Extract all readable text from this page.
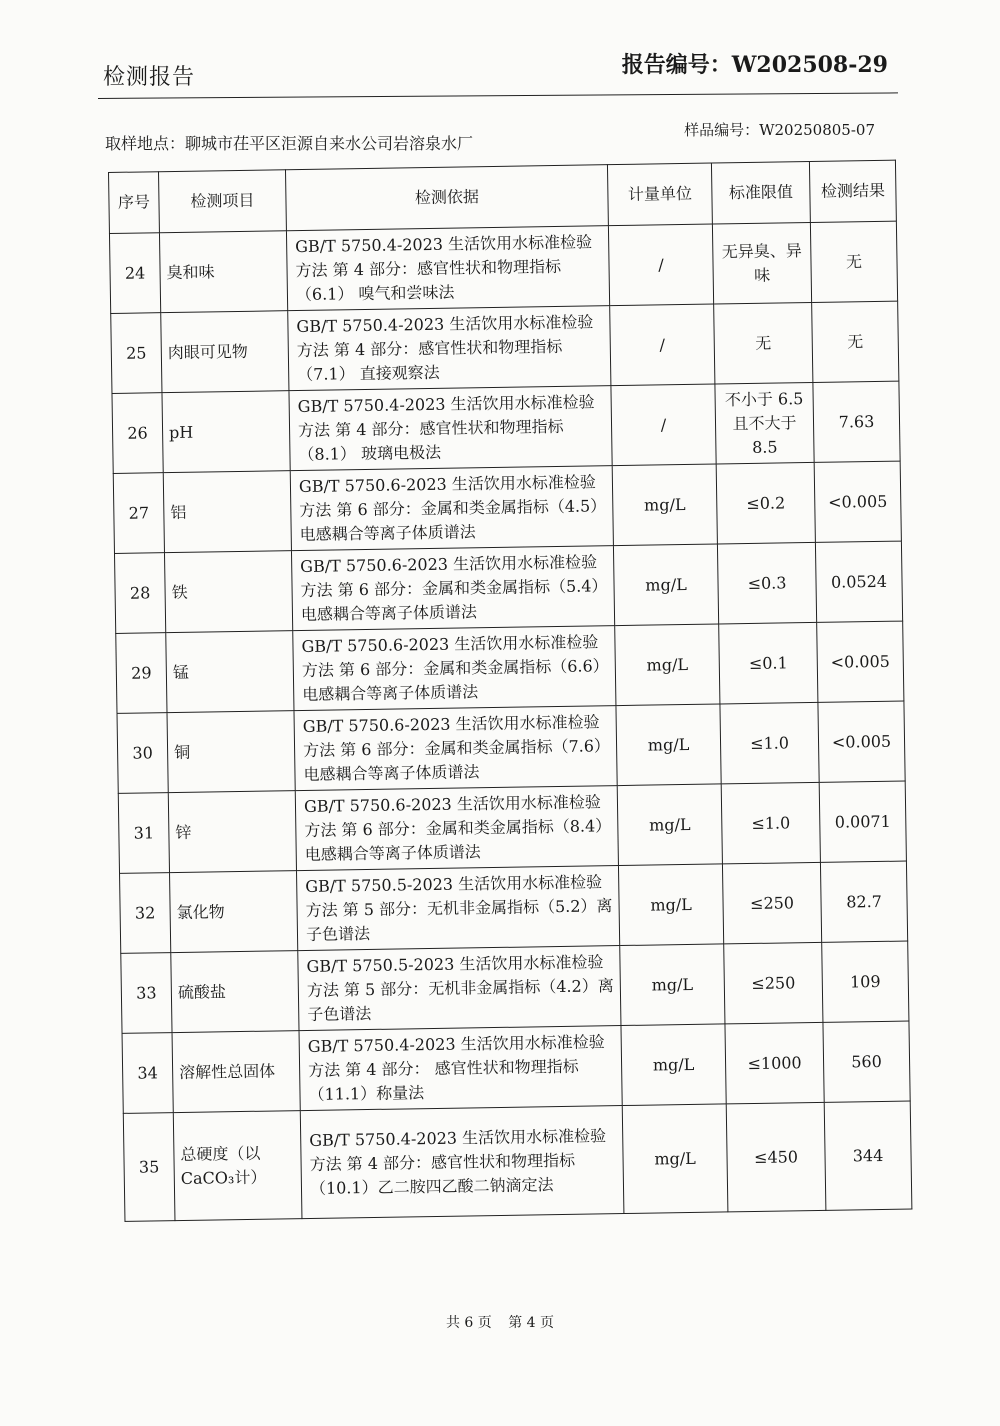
检测报告	报告编号：W202508-29
取样地点：聊城市茌平区洰源自来水公司岩溶泉水厂
样品编号：W20250805-07
序号	检测项目	检测依据	计量单位	标准限值	检测结果
24	臭和味	GB/T 5750.4-2023 生活饮用水标准检验方法 第 4 部分：感官性状和物理指标（6.1） 嗅气和尝味法	/	无异臭、异味	无
25	肉眼可见物	GB/T 5750.4-2023 生活饮用水标准检验方法 第 4 部分：感官性状和物理指标（7.1） 直接观察法	/	无	无
26	pH	GB/T 5750.4-2023 生活饮用水标准检验方法 第 4 部分：感官性状和物理指标（8.1） 玻璃电极法	/	不小于 6.5 且不大于 8.5	7.63
27	铝	GB/T 5750.6-2023 生活饮用水标准检验方法 第 6 部分：金属和类金属指标（4.5）电感耦合等离子体质谱法	mg/L	≤0.2	<0.005
28	铁	GB/T 5750.6-2023 生活饮用水标准检验方法 第 6 部分：金属和类金属指标（5.4）电感耦合等离子体质谱法	mg/L	≤0.3	0.0524
29	锰	GB/T 5750.6-2023 生活饮用水标准检验方法 第 6 部分：金属和类金属指标（6.6）电感耦合等离子体质谱法	mg/L	≤0.1	<0.005
30	铜	GB/T 5750.6-2023 生活饮用水标准检验方法 第 6 部分：金属和类金属指标（7.6）电感耦合等离子体质谱法	mg/L	≤1.0	<0.005
31	锌	GB/T 5750.6-2023 生活饮用水标准检验方法 第 6 部分：金属和类金属指标（8.4）电感耦合等离子体质谱法	mg/L	≤1.0	0.0071
32	氯化物	GB/T 5750.5-2023 生活饮用水标准检验方法 第 5 部分：无机非金属指标（5.2）离子色谱法	mg/L	≤250	82.7
33	硫酸盐	GB/T 5750.5-2023 生活饮用水标准检验方法 第 5 部分：无机非金属指标（4.2）离子色谱法	mg/L	≤250	109
34	溶解性总固体	GB/T 5750.4-2023 生活饮用水标准检验方法 第 4 部分： 感官性状和物理指标（11.1）称量法	mg/L	≤1000	560
35	总硬度（以CaCO₃计）	GB/T 5750.4-2023 生活饮用水标准检验方法 第 4 部分：感官性状和物理指标 （10.1）乙二胺四乙酸二钠滴定法	mg/L	≤450	344
共 6 页 第 4 页
